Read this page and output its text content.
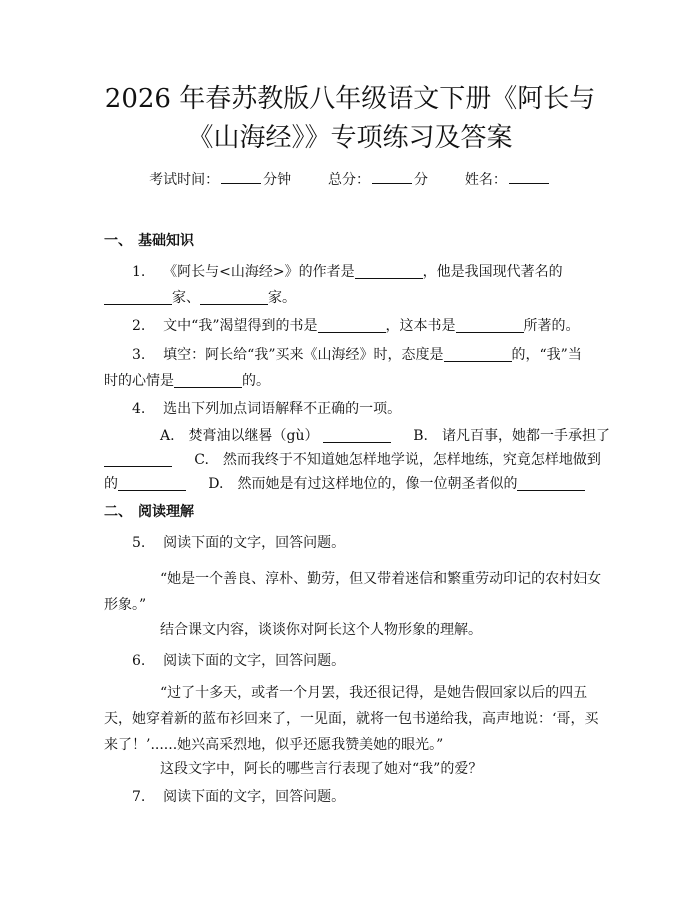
2026 年春苏教版八年级语文下册《阿长与
《山海经》》专项练习及答案
考试时间：	分钟	总分：	分	姓名：
一、 基础知识
1. 《阿长与<山海经>》的作者是	，他是我国现代著名的
家、	家。
2. 文中“我”渴望得到的书是	，这本书是	所著的。
3. 填空：阿长给“我”买来《山海经》时，态度是	的，“我”当
时的心情是	的。
4. 选出下列加点词语解释不正确的一项。
A.　焚膏油以继晷（gù）	B.　诸凡百事，她都一手承担了
C.　然而我终于不知道她怎样地学说，怎样地练，究竟怎样地做到
的	D.　然而她是有过这样地位的，像一位朝圣者似的
二、 阅读理解
5. 阅读下面的文字，回答问题。
“她是一个善良、淳朴、勤劳，但又带着迷信和繁重劳动印记的农村妇女
形象。”
结合课文内容，谈谈你对阿长这个人物形象的理解。
6. 阅读下面的文字，回答问题。
“过了十多天，或者一个月罢，我还很记得，是她告假回家以后的四五
天，她穿着新的蓝布衫回来了，一见面，就将一包书递给我，高声地说：‘哥，买
来了！’......她兴高采烈地，似乎还愿我赞美她的眼光。”
这段文字中，阿长的哪些言行表现了她对“我”的爱？
7. 阅读下面的文字，回答问题。
